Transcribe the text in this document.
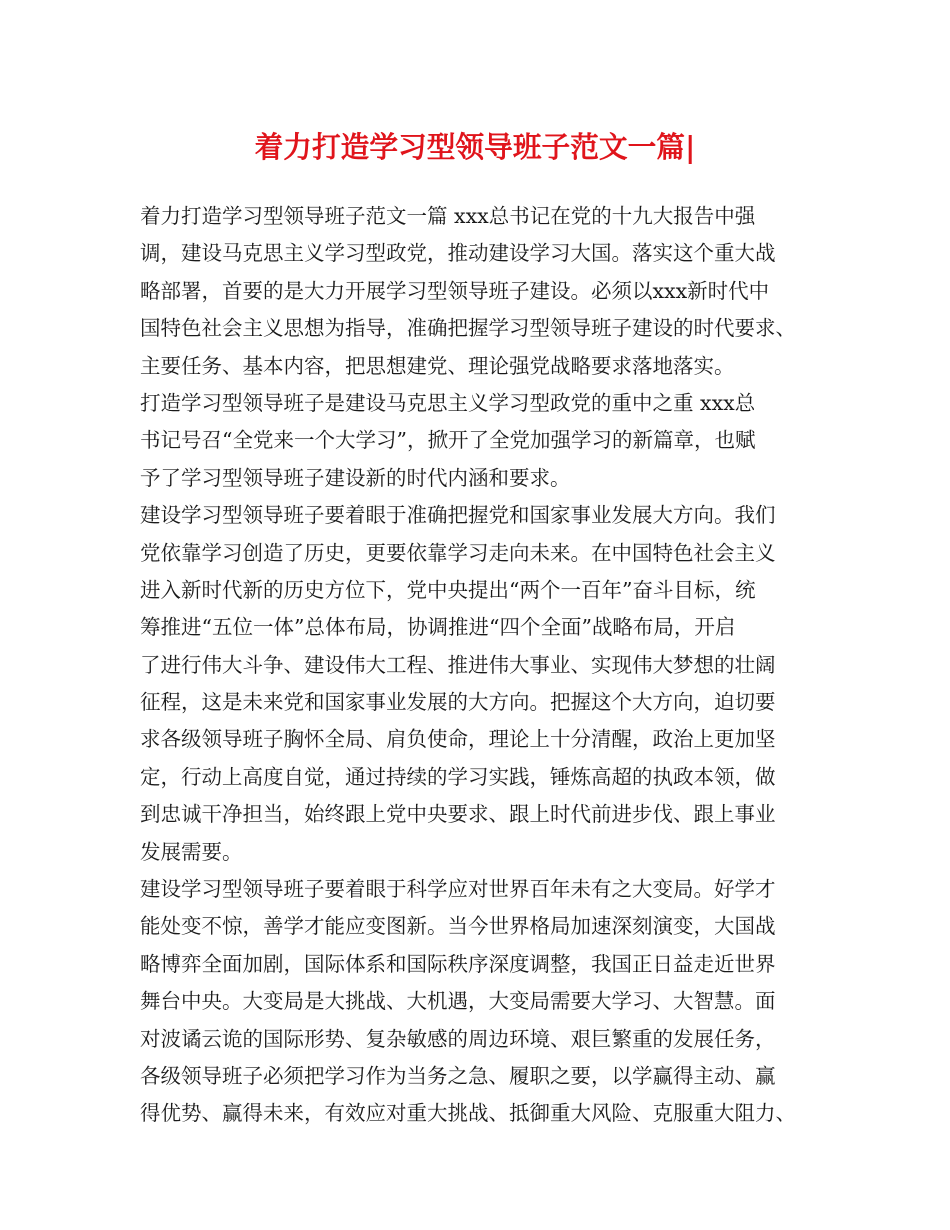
着力打造学习型领导班子范文一篇|
着力打造学习型领导班子范文一篇 xxx总书记在党的十九大报告中强
调，建设马克思主义学习型政党，推动建设学习大国。落实这个重大战
略部署，首要的是大力开展学习型领导班子建设。必须以xxx新时代中
国特色社会主义思想为指导，准确把握学习型领导班子建设的时代要求、
主要任务、基本内容，把思想建党、理论强党战略要求落地落实。
打造学习型领导班子是建设马克思主义学习型政党的重中之重 xxx总
书记号召“全党来一个大学习”，掀开了全党加强学习的新篇章，也赋
予了学习型领导班子建设新的时代内涵和要求。
建设学习型领导班子要着眼于准确把握党和国家事业发展大方向。我们
党依靠学习创造了历史，更要依靠学习走向未来。在中国特色社会主义
进入新时代新的历史方位下，党中央提出“两个一百年”奋斗目标，统
筹推进“五位一体”总体布局，协调推进“四个全面”战略布局，开启
了进行伟大斗争、建设伟大工程、推进伟大事业、实现伟大梦想的壮阔
征程，这是未来党和国家事业发展的大方向。把握这个大方向，迫切要
求各级领导班子胸怀全局、肩负使命，理论上十分清醒，政治上更加坚
定，行动上高度自觉，通过持续的学习实践，锤炼高超的执政本领，做
到忠诚干净担当，始终跟上党中央要求、跟上时代前进步伐、跟上事业
发展需要。
建设学习型领导班子要着眼于科学应对世界百年未有之大变局。好学才
能处变不惊，善学才能应变图新。当今世界格局加速深刻演变，大国战
略博弈全面加剧，国际体系和国际秩序深度调整，我国正日益走近世界
舞台中央。大变局是大挑战、大机遇，大变局需要大学习、大智慧。面
对波谲云诡的国际形势、复杂敏感的周边环境、艰巨繁重的发展任务，
各级领导班子必须把学习作为当务之急、履职之要，以学赢得主动、赢
得优势、赢得未来，有效应对重大挑战、抵御重大风险、克服重大阻力、
